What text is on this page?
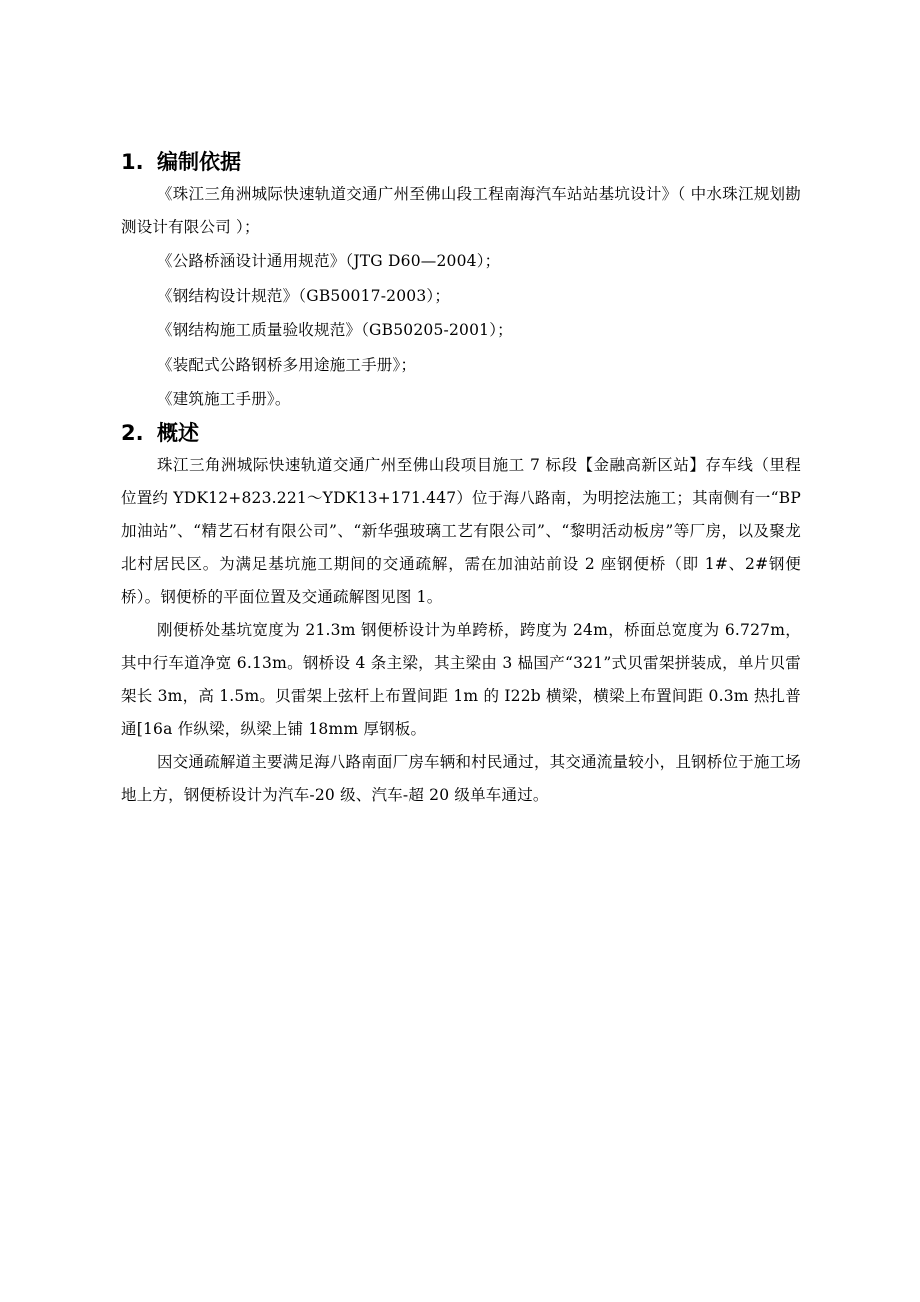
1. 编制依据

《珠江三角洲城际快速轨道交通广州至佛山段工程南海汽车站站基坑设计》（ 中水珠江规划勘测设计有限公司 ）；

《公路桥涵设计通用规范》（JTG D60—2004）；

《钢结构设计规范》（GB50017-2003）；

《钢结构施工质量验收规范》（GB50205-2001）；

《装配式公路钢桥多用途施工手册》；

《建筑施工手册》。

2. 概述

珠江三角洲城际快速轨道交通广州至佛山段项目施工 7 标段【金融高新区站】存车线（里程位置约 YDK12+823.221～YDK13+171.447）位于海八路南，为明挖法施工；其南侧有一“BP 加油站”、“精艺石材有限公司”、“新华强玻璃工艺有限公司”、“黎明活动板房”等厂房，以及聚龙北村居民区。为满足基坑施工期间的交通疏解，需在加油站前设 2 座钢便桥（即 1#、2#钢便桥）。钢便桥的平面位置及交通疏解图见图 1。

刚便桥处基坑宽度为 21.3m 钢便桥设计为单跨桥，跨度为 24m，桥面总宽度为 6.727m，其中行车道净宽 6.13m。钢桥设 4 条主梁，其主梁由 3 榀国产“321”式贝雷架拼装成，单片贝雷架长 3m，高 1.5m。贝雷架上弦杆上布置间距 1m 的 I22b 横梁，横梁上布置间距 0.3m 热扎普通[16a 作纵梁，纵梁上铺 18mm 厚钢板。

因交通疏解道主要满足海八路南面厂房车辆和村民通过，其交通流量较小，且钢桥位于施工场地上方，钢便桥设计为汽车-20 级、汽车-超 20 级单车通过。
